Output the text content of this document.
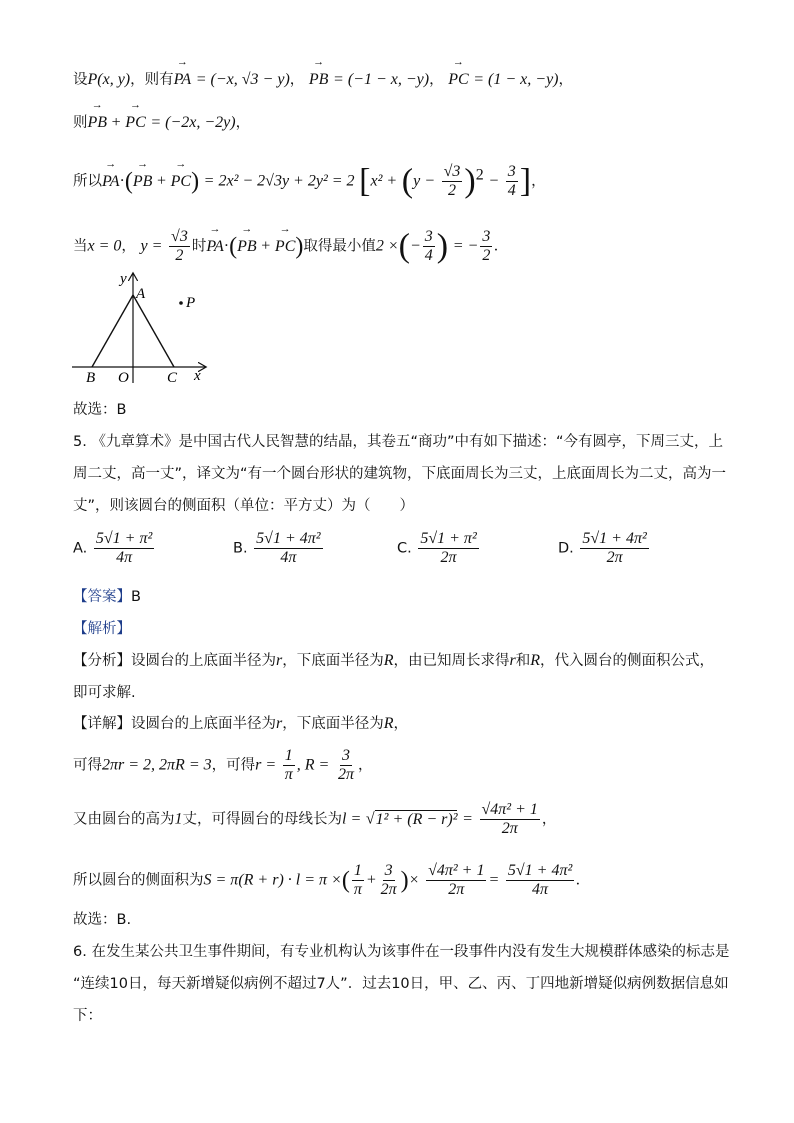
设P(x, y)，则有→ PA = (−x, √3 − y)， → PB = (−1 − x, −y)， → PC = (1 − x, −y)，
则→ PB + → PC = (−2x, −2y)，
所以→ PA·(→ PB + → PC) = 2x² − 2√3y + 2y² = 2 [$x^2 + (y - \frac{√3}{2} )^2 - \frac{3}{4}$ ]，
当x = 0， $y = \frac{√3}{2}$ 时→ PA·(→ PB + → PC)取得最小值2 ×(− $\frac{3}{4}$ ) = − $\frac{3}{2}$ .
y
A
P
B O	C x
故选：B
5. 《九章算术》是中国古代人民智慧的结晶，其卷五“商功”中有如下描述：“今有圆亭，下周三丈，上
周二丈，高一丈”，译文为“有一个圆台形状的建筑物，下底面周长为三丈，上底面周长为二丈，高为一
丈”，则该圆台的侧面积（单位：平方丈）为（　　）
A. $\frac{\text{5√1 + π²}}{4\pi}$	B. $\frac{\text{5√1 + 4π²}}{4\pi}$	C. $\frac{\text{5√1 + π²}}{2\pi}$	D. $\frac{\text{5√1 + 4π²}}{2\pi}$
【答案】B
【解析】
【分析】设圆台的上底面半径为r，下底面半径为R，由已知周长求得r和R，代入圆台的侧面积公式，
即可求解.
【详解】设圆台的上底面半径为r，下底面半径为R，
可得2πr = 2, 2πR = 3，可得$r = \frac{1}{\pi}$ , $R = \frac{3}{2\pi}$ ，
又由圆台的高为1丈，可得圆台的母线长为$l = √1^2 + (R - r)^2 = \frac{\text{√4π² + 1}}{2\pi}$ ，
所以圆台的侧面积为S = π(R + r) · l = π ×( $\frac{1}{\pi} + \frac{3}{2\pi}$ )× $\frac{\text{√4π² + 1}}{2\pi} = \frac{\text{5√1 + 4π²}}{4\pi}$ .
故选：B.
6. 在发生某公共卫生事件期间，有专业机构认为该事件在一段事件内没有发生大规模群体感染的标志是
“连续10日，每天新增疑似病例不超过7人”．过去10日，甲、乙、丙、丁四地新增疑似病例数据信息如
下：
